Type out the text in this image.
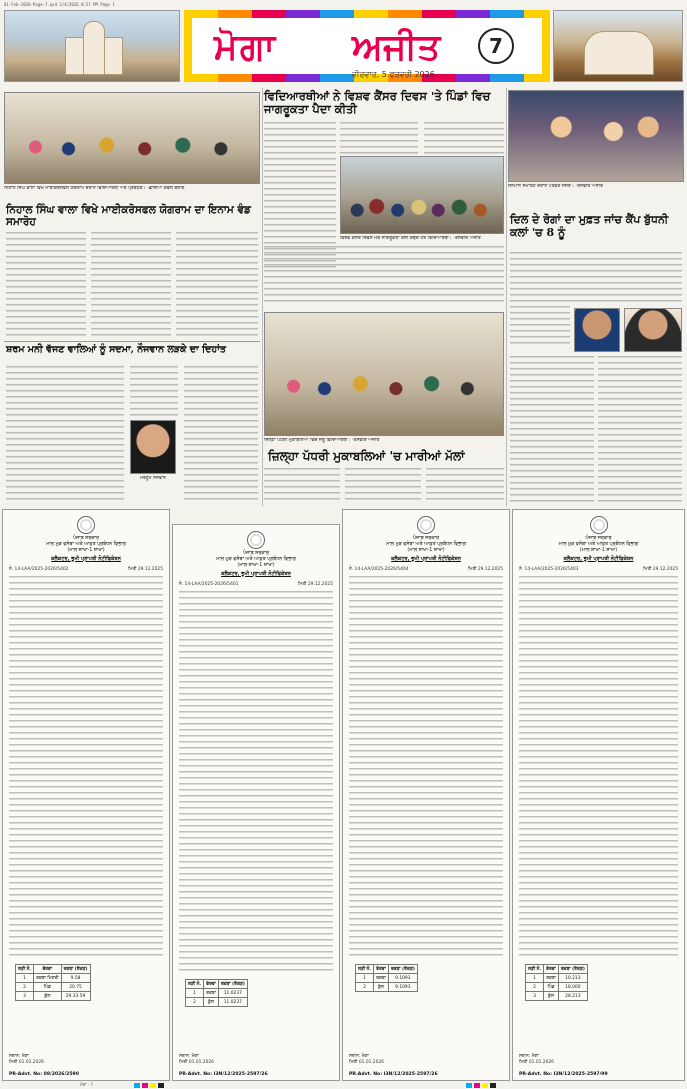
01-Feb-2026-Page-7.qxd 2/4/2026 8:57 PM Page 1
ਮੋਗਾ ਅਜੀਤ
ਵੀਰਵਾਰ, 5 ਫਰਵਰੀ 2026
7
ਨਿਹਾਲ ਸਿੰਘ ਵਾਲਾ ਵਿਖੇ ਮਾਈਕਰੋਸਫਲ ਯੋਗਰਾਮ ਦੌਰਾਨ ਵਿਦਿਆਰਥੀ ਅਤੇ ਪ੍ਰਬੰਧਕ। -ਛਾਇਆ ਕੰਵਲ ਬਰਾੜ
ਨਿਹਾਲ ਸਿੰਘ ਵਾਲਾ ਵਿਖੇ ਮਾਈਕਰੋਸਫਲ ਯੋਗਰਾਮ ਦਾ ਇਨਾਮ ਵੰਡ ਸਮਾਰੋਹ
ਸ਼ਰਮ ਮਨੀ ਵੱਜਣ ਵਾਲਿਆਂ ਨੂੰ ਸਦਮਾ, ਨੌਜਵਾਨ ਲੜਕੇ ਦਾ ਦਿਹਾਂਤ
ਮਰਹੂਮ ਨੌਜਵਾਨ
ਵਿਦਿਆਰਥੀਆਂ ਨੇ ਵਿਸ਼ਵ ਕੈਂਸਰ ਦਿਵਸ 'ਤੇ ਪਿੰਡਾਂ ਵਿਚ ਜਾਗਰੂਕਤਾ ਪੈਦਾ ਕੀਤੀ
ਵਿਸ਼ਵ ਕੈਂਸਰ ਦਿਵਸ ਮੌਕੇ ਜਾਗਰੂਕਤਾ ਰੈਲੀ ਕੱਢਦੇ ਹੋਏ ਵਿਦਿਆਰਥੀ। -ਤਸਵੀਰ ਅਜੀਤ
ਜ਼ਿਲ੍ਹਾ ਪੱਧਰੀ ਮੁਕਾਬਲਿਆਂ ਵਿਚ ਜੇਤੂ ਵਿਦਿਆਰਥੀ। -ਤਸਵੀਰ ਅਜੀਤ
ਜ਼ਿਲ੍ਹਾ ਪੱਧਰੀ ਮੁਕਾਬਲਿਆਂ 'ਚ ਮਾਰੀਆਂ ਮੱਲਾਂ
ਸਨਮਾਨ ਸਮਾਰੋਹ ਦੌਰਾਨ ਪਤਵੰਤੇ ਸੱਜਣ। -ਤਸਵੀਰ ਅਜੀਤ
ਦਿਲ ਦੇ ਰੋਗਾਂ ਦਾ ਮੁਫ਼ਤ ਜਾਂਚ ਕੈਂਪ ਬੁੱਧਨੀ ਕਲਾਂ 'ਚ 8 ਨੂੰ
ਪੰਜਾਬ ਸਰਕਾਰ
ਮਾਲ ਮੁੜ ਵਸੇਬਾ ਅਤੇ ਆਫ਼ਤ ਪ੍ਰਬੰਧਨ ਵਿਭਾਗ
(ਮਾਲ ਸ਼ਾਖਾ-1 ਸ਼ਾਖਾ)
ਕਲੈਕਟਰ, ਭੂਮੀ ਪ੍ਰਾਪਤੀ ਨੋਟੀਫਿਕੇਸ਼ਨ
ਨੰ. 14-LAA/2025-2026/5402	ਮਿਤੀ 29.12.2025
ਲੜੀ ਨੰ.	ਵੇਰਵਾ	ਰਕਬਾ (ਏਕੜ)
1	ਰਕਬਾ ਮਿਣਤੀ	9.58
2	ਪਿੰਡ	20.75
3	ਕੁੱਲ	29.33 59
ਸਥਾਨ: ਮੋਗਾ
ਮਿਤੀ 01.01.2026
PR-Advt. No: 08/2026/2590
ਪੰਜਾਬ ਸਰਕਾਰ
ਮਾਲ ਮੁੜ ਵਸੇਬਾ ਅਤੇ ਆਫ਼ਤ ਪ੍ਰਬੰਧਨ ਵਿਭਾਗ
(ਮਾਲ ਸ਼ਾਖਾ-1 ਸ਼ਾਖਾ)
ਕਲੈਕਟਰ, ਭੂਮੀ ਪ੍ਰਾਪਤੀ ਨੋਟੀਫਿਕੇਸ਼ਨ
ਨੰ. 14-LAA/2025-2026/5401	ਮਿਤੀ 29.12.2025
ਲੜੀ ਨੰ.	ਵੇਰਵਾ	ਰਕਬਾ (ਏਕੜ)
1	ਰਕਬਾ	11.0237
2	ਕੁੱਲ	11.0237
ਸਥਾਨ: ਮੋਗਾ
ਮਿਤੀ 01.01.2026
PR-Advt. No: I3N/12/2025-2597/26
ਪੰਜਾਬ ਸਰਕਾਰ
ਮਾਲ ਮੁੜ ਵਸੇਬਾ ਅਤੇ ਆਫ਼ਤ ਪ੍ਰਬੰਧਨ ਵਿਭਾਗ
(ਮਾਲ ਸ਼ਾਖਾ-1 ਸ਼ਾਖਾ)
ਕਲੈਕਟਰ, ਭੂਮੀ ਪ੍ਰਾਪਤੀ ਨੋਟੀਫਿਕੇਸ਼ਨ
ਨੰ. 14-LAA/2025-2026/5404	ਮਿਤੀ 29.12.2025
ਲੜੀ ਨੰ.	ਵੇਰਵਾ	ਰਕਬਾ (ਏਕੜ)
1	ਰਕਬਾ	9.1093
2	ਕੁੱਲ	9.1093
ਸਥਾਨ: ਮੋਗਾ
ਮਿਤੀ 01.01.2026
PR-Advt. No: I3N/12/2025-2597/26
ਪੰਜਾਬ ਸਰਕਾਰ
ਮਾਲ ਮੁੜ ਵਸੇਬਾ ਅਤੇ ਆਫ਼ਤ ਪ੍ਰਬੰਧਨ ਵਿਭਾਗ
(ਮਾਲ ਸ਼ਾਖਾ-1 ਸ਼ਾਖਾ)
ਕਲੈਕਟਰ, ਭੂਮੀ ਪ੍ਰਾਪਤੀ ਨੋਟੀਫਿਕੇਸ਼ਨ
ਨੰ. 14-LAA/2025-2026/5403	ਮਿਤੀ 29.12.2025
ਲੜੀ ਨੰ.	ਵੇਰਵਾ	ਰਕਬਾ (ਏਕੜ)
1	ਰਕਬਾ	10.213
2	ਪਿੰਡ	18.000
3	ਕੁੱਲ	28.213
ਸਥਾਨ: ਮੋਗਾ
ਮਿਤੀ 01.01.2026
PR-Advt. No: I3N/12/2025-2597/99
ਮੋਗਾ - 7
